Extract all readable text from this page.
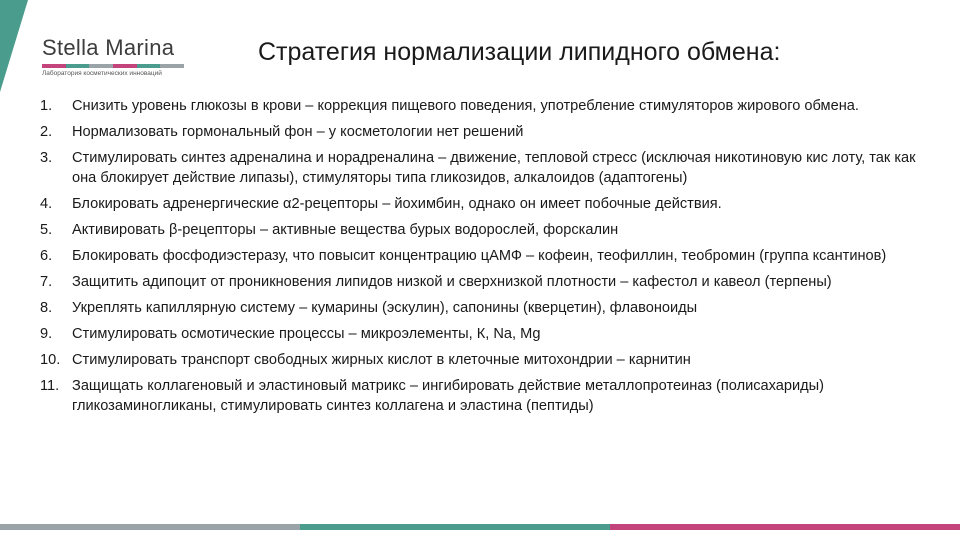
Stella Marina
Лаборатория косметических инноваций
Стратегия нормализации липидного обмена:
1.	Снизить уровень глюкозы в крови – коррекция пищевого поведения, употребление стимуляторов жирового обмена.
2.	Нормализовать гормональный фон – у косметологии нет решений
3.	Стимулировать синтез адреналина и норадреналина – движение, тепловой стресс (исключая никотиновую кис лоту, так как она блокирует действие липазы), стимуляторы типа гликозидов, алкалоидов (адаптогены)
4.	Блокировать адренергические α2-рецепторы – йохимбин, однако он имеет побочные действия.
5.	Активировать β-рецепторы – активные вещества бурых водорослей, форскалин
6.	Блокировать фосфодиэстеразу, что повысит концентрацию цАМФ – кофеин, теофиллин, теобромин (группа ксантинов)
7.	Защитить адипоцит от проникновения липидов низкой и сверхнизкой плотности – кафестол и кавеол (терпены)
8.	Укреплять капиллярную систему – кумарины (эскулин), сапонины (кверцетин), флавоноиды
9.	Стимулировать осмотические процессы – микроэлементы, К, Na, Mg
10. Стимулировать транспорт свободных жирных кислот в клеточные митохондрии – карнитин
11. Защищать коллагеновый и эластиновый матрикс – ингибировать действие металлопротеиназ (полисахариды) гликозаминогликаны, стимулировать синтез коллагена и эластина (пептиды)
